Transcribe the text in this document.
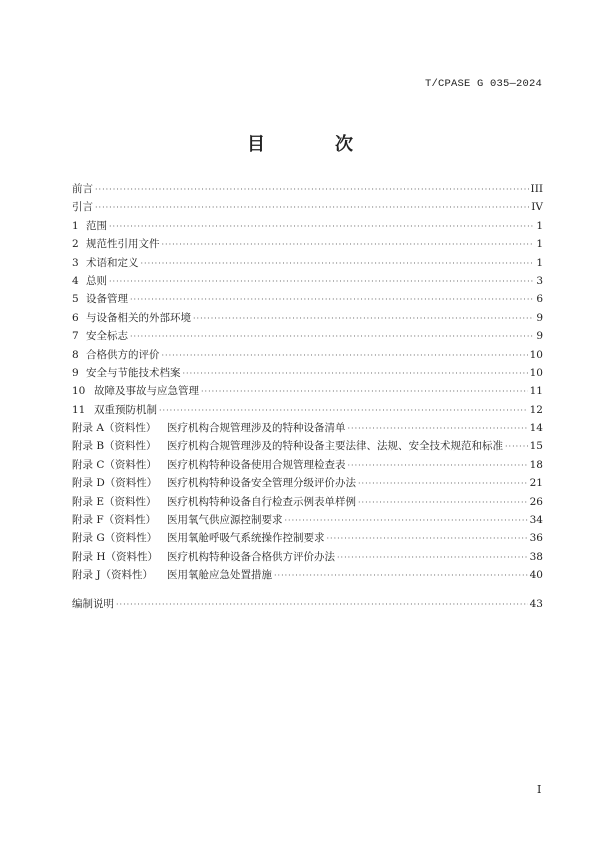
T/CPASE G 035—2024
目　次
前言 ·····	III
引言 ·····	IV
1 范围 ·····	1
2 规范性引用文件 ·····	1
3 术语和定义 ·····	1
4 总则 ·····	3
5 设备管理 ·····	6
6 与设备相关的外部环境 ·····	9
7 安全标志 ·····	9
8 合格供方的评价 ·····	10
9 安全与节能技术档案 ·····	10
10 故障及事故与应急管理 ·····	11
11 双重预防机制 ·····	12
附录 A（资料性）	医疗机构合规管理涉及的特种设备清单 ·····	14
附录 B（资料性） 医疗机构合规管理涉及的特种设备主要法律、法规、安全技术规范和标准 ·····	15
附录 C（资料性） 医疗机构特种设备使用合规管理检查表 ·····	18
附录 D（资料性） 医疗机构特种设备安全管理分级评价办法 ·····	21
附录 E（资料性） 医疗机构特种设备自行检查示例表单样例 ·····	26
附录 F（资料性）	医用氧气供应源控制要求 ·····	34
附录 G（资料性） 医用氧舱呼吸气系统操作控制要求 ·····	36
附录 H（资料性） 医疗机构特种设备合格供方评价办法 ·····	38
附录 J（资料性）	医用氧舱应急处置措施 ·····	40
编制说明 ·····	43
I
